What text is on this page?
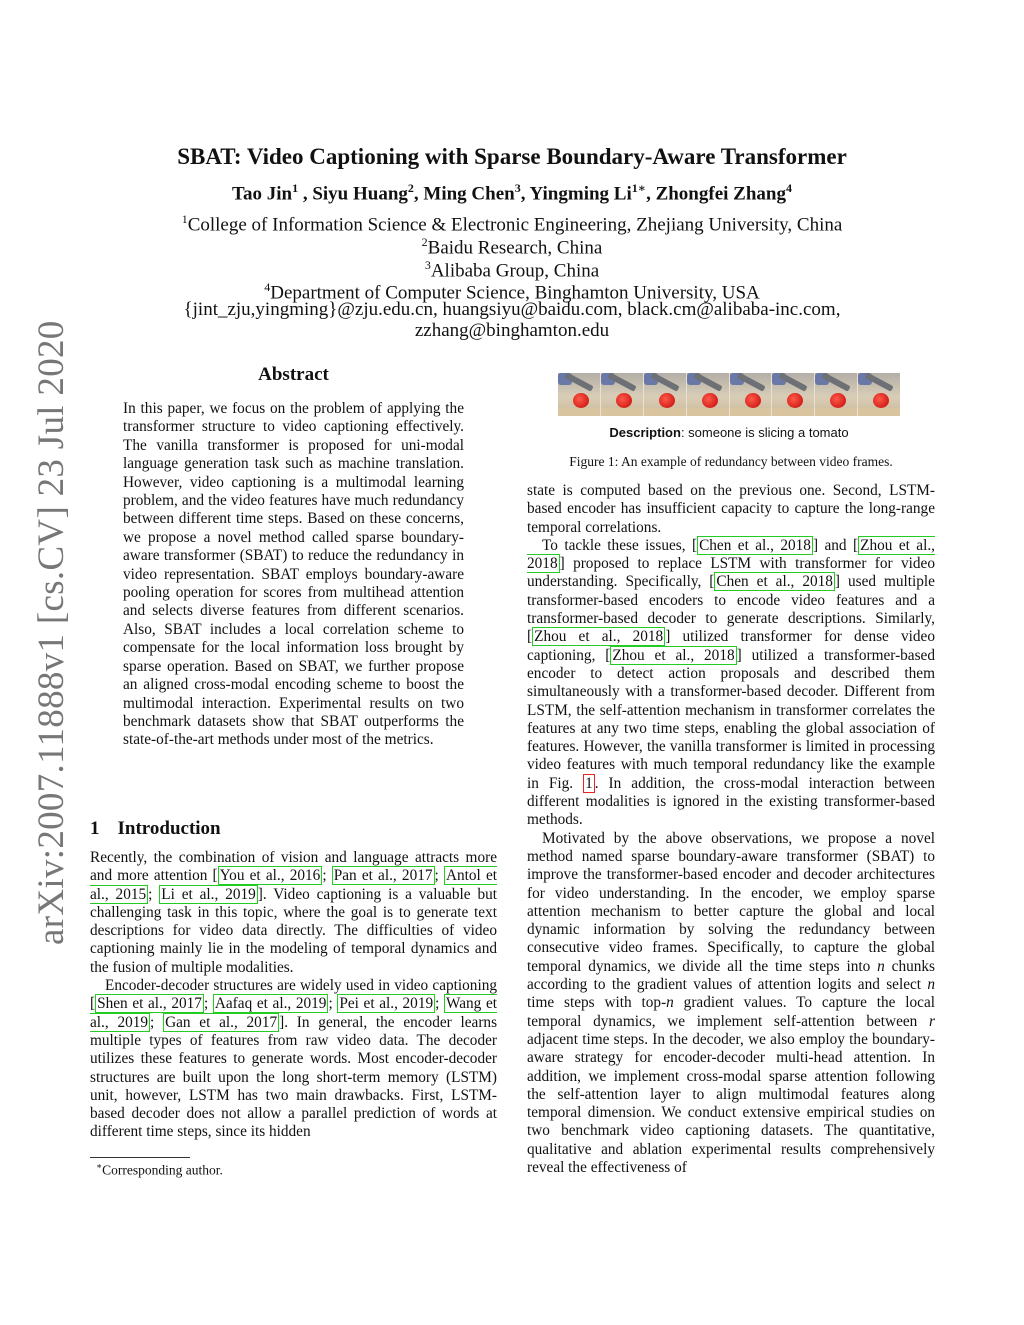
arXiv:2007.11888v1 [cs.CV] 23 Jul 2020
SBAT: Video Captioning with Sparse Boundary-Aware Transformer
Tao Jin$^1$ , Siyu Huang$^2$, Ming Chen$^3$, Yingming $Li^{1∗}$, Zhongfei Zhang$^4$
$^1$College of Information Science & Electronic Engineering, Zhejiang University, China
$^2$Baidu Research, China
$^3$Alibaba Group, China
$^4$Department of Computer Science, Binghamton University, USA
{jint_zju,yingming}@zju.edu.cn, huangsiyu@baidu.com, black.cm@alibaba-inc.com,
zzhang@binghamton.edu
Abstract
In this paper, we focus on the problem of applying the transformer structure to video captioning effectively. The vanilla transformer is proposed for uni-modal language generation task such as machine translation. However, video captioning is a multimodal learning problem, and the video features have much redundancy between different time steps. Based on these concerns, we propose a novel method called sparse boundary-aware transformer (SBAT) to reduce the redundancy in video representation. SBAT employs boundary-aware pooling operation for scores from multihead attention and selects diverse features from different scenarios. Also, SBAT includes a local correlation scheme to compensate for the local information loss brought by sparse operation. Based on SBAT, we further propose an aligned cross-modal encoding scheme to boost the multimodal interaction. Experimental results on two benchmark datasets show that SBAT outperforms the state-of-the-art methods under most of the metrics.
1 Introduction

Recently, the combination of vision and language attracts more and more attention [ You et al., 2016 ; Pan et al., 2017 ; Antol et al., 2015 ; Li et al., 2019 ]. Video captioning is a valuable but challenging task in this topic, where the goal is to generate text descriptions for video data directly. The difficulties of video captioning mainly lie in the modeling of temporal dynamics and the fusion of multiple modalities.

Encoder-decoder structures are widely used in video captioning [ Shen et al., 2017 ; Aafaq et al., 2019 ; Pei et al., 2019 ; Wang et al., 2019 ; Gan et al., 2017 ]. In general, the encoder learns multiple types of features from raw video data. The decoder utilizes these features to generate words. Most encoder-decoder structures are built upon the long short-term memory (LSTM) unit, however, LSTM has two main drawbacks. First, LSTM-based decoder does not allow a parallel prediction of words at different time steps, since its hidden

∗Corresponding author.
Description: someone is slicing a tomato
Figure 1: An example of redundancy between video frames.

state is computed based on the previous one. Second, LSTM-based encoder has insufficient capacity to capture the long-range temporal correlations.

To tackle these issues, [ Chen et al., 2018 ] and [ Zhou et al., 2018 ] proposed to replace LSTM with transformer for video understanding. Specifically, [ Chen et al., 2018 ] used multiple transformer-based encoders to encode video features and a transformer-based decoder to generate descriptions. Similarly, [ Zhou et al., 2018 ] utilized transformer for dense video captioning, [ Zhou et al., 2018 ] utilized a transformer-based encoder to detect action proposals and described them simultaneously with a transformer-based decoder. Different from LSTM, the self-attention mechanism in transformer correlates the features at any two time steps, enabling the global association of features. However, the vanilla transformer is limited in processing video features with much temporal redundancy like the example in Fig. 1 . In addition, the cross-modal interaction between different modalities is ignored in the existing transformer-based methods.

Motivated by the above observations, we propose a novel method named sparse boundary-aware transformer (SBAT) to improve the transformer-based encoder and decoder architectures for video understanding. In the encoder, we employ sparse attention mechanism to better capture the global and local dynamic information by solving the redundancy between consecutive video frames. Specifically, to capture the global temporal dynamics, we divide all the time steps into n chunks according to the gradient values of attention logits and select n time steps with top-n gradient values. To capture the local temporal dynamics, we implement self-attention between r adjacent time steps. In the decoder, we also employ the boundary-aware strategy for encoder-decoder multi-head attention. In addition, we implement cross-modal sparse attention following the self-attention layer to align multimodal features along temporal dimension. We conduct extensive empirical studies on two benchmark video captioning datasets. The quantitative, qualitative and ablation experimental results comprehensively reveal the effectiveness of
